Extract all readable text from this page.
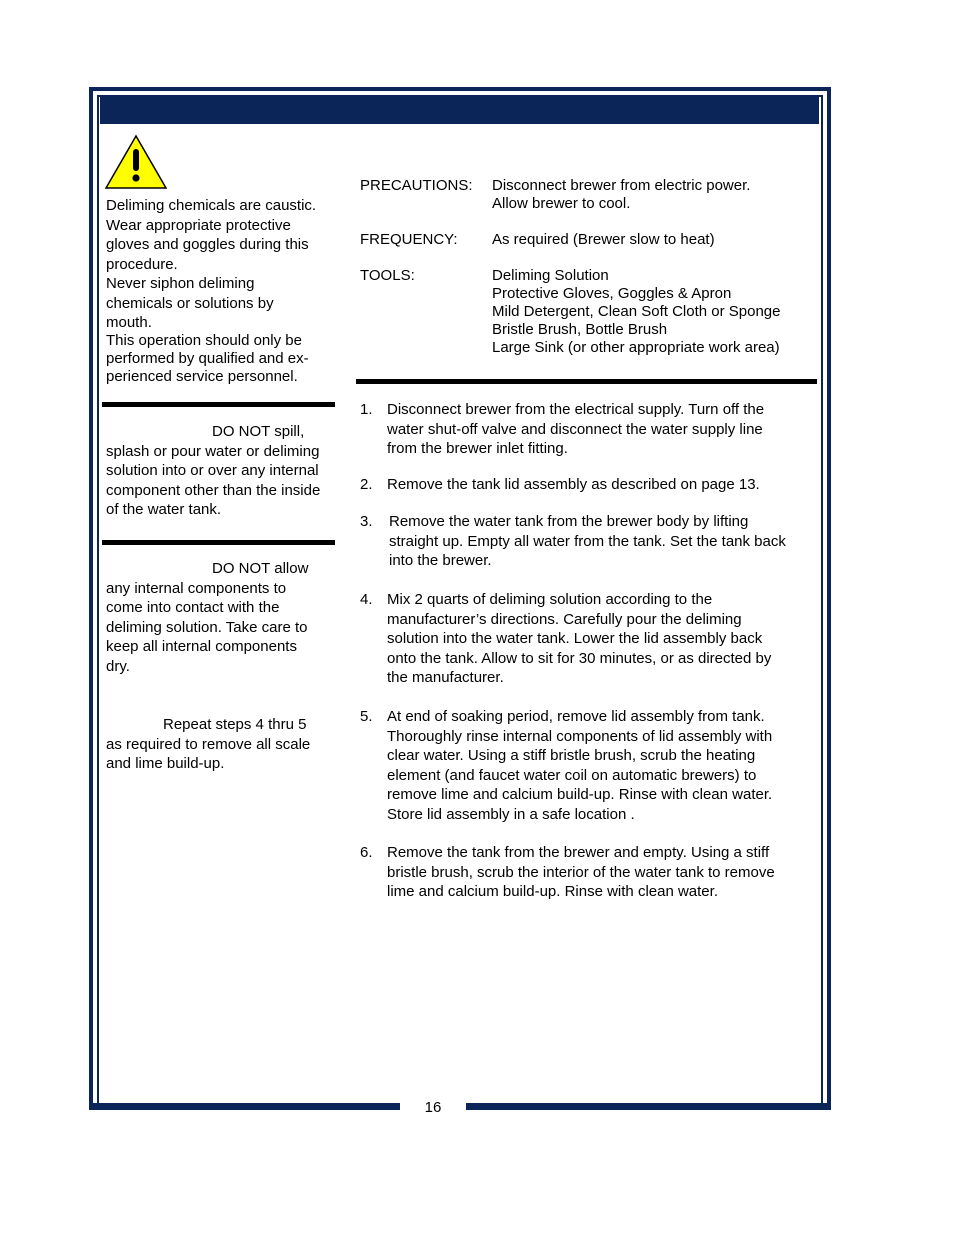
16
Deliming chemicals are caustic.
Wear appropriate protective
gloves and goggles during this
procedure.
Never siphon deliming
chemicals or solutions by
mouth.
This operation should only be
performed by qualified and ex-
perienced service personnel.
DO NOT spill,
splash or pour water or deliming
solution into or over any internal
component other than the inside
of the water tank.
DO NOT allow
any internal components to
come into contact with the
deliming solution. Take care to
keep all internal components
dry.
Repeat steps 4 thru 5
as required to remove all scale
and lime build-up.
PRECAUTIONS: Disconnect brewer from electric power.
Allow brewer to cool.
FREQUENCY: As required (Brewer slow to heat)
TOOLS:	Deliming Solution
Protective Gloves, Goggles & Apron
Mild Detergent, Clean Soft Cloth or Sponge
Bristle Brush, Bottle Brush
Large Sink (or other appropriate work area)
1. Disconnect brewer from the electrical supply. Turn off the
water shut-off valve and disconnect the water supply line
from the brewer inlet fitting.
2. Remove the tank lid assembly as described on page 13.
3. Remove the water tank from the brewer body by lifting
straight up. Empty all water from the tank. Set the tank back
into the brewer.
4. Mix 2 quarts of deliming solution according to the
manufacturer’s directions. Carefully pour the deliming
solution into the water tank. Lower the lid assembly back
onto the tank. Allow to sit for 30 minutes, or as directed by
the manufacturer.
5. At end of soaking period, remove lid assembly from tank.
Thoroughly rinse internal components of lid assembly with
clear water. Using a stiff bristle brush, scrub the heating
element (and faucet water coil on automatic brewers) to
remove lime and calcium build-up. Rinse with clean water.
Store lid assembly in a safe location .
6. Remove the tank from the brewer and empty. Using a stiff
bristle brush, scrub the interior of the water tank to remove
lime and calcium build-up. Rinse with clean water.
